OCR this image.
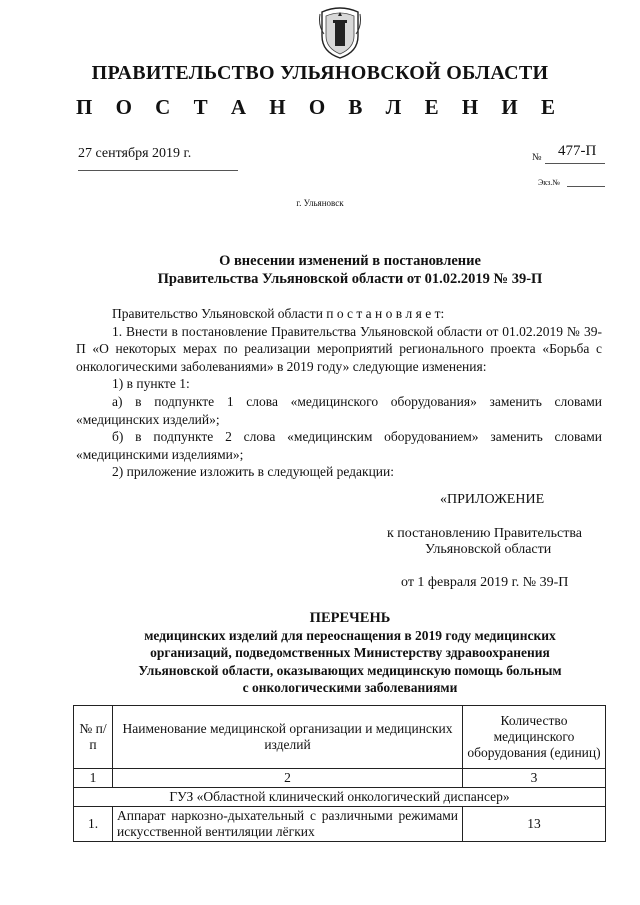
ПРАВИТЕЛЬСТВО УЛЬЯНОВСКОЙ ОБЛАСТИ
П О С Т А Н О В Л Е Н И Е
27 сентября 2019 г.	№ 477-П
Экз.№
г. Ульяновск
О внесении изменений в постановление
Правительства Ульяновской области от 01.02.2019 № 39-П

Правительство Ульяновской области п о с т а н о в л я е т:

1. Внести в постановление Правительства Ульяновской области от 01.02.2019 № 39-П «О некоторых мерах по реализации мероприятий регионального проекта «Борьба с онкологическими заболеваниями» в 2019 году» следующие изменения:

1) в пункте 1:

а) в подпункте 1 слова «медицинского оборудования» заменить словами «медицинских изделий»;

б) в подпункте 2 слова «медицинским оборудованием» заменить словами «медицинскими изделиями»;

2) приложение изложить в следующей редакции:

«ПРИЛОЖЕНИЕ
к постановлению Правительства
Ульяновской области
от 1 февраля 2019 г. № 39-П
ПЕРЕЧЕНЬ
медицинских изделий для переоснащения в 2019 году медицинских
организаций, подведомственных Министерству здравоохранения
Ульяновской области, оказывающих медицинскую помощь больным
с онкологическими заболеваниями
№ п/п	Наименование медицинской организации и медицинских изделий	Количество медицинского оборудования (единиц)
1	2	3
ГУЗ «Областной клинический онкологический диспансер»		
1.	Аппарат наркозно-дыхательный с различными режимами искусственной вентиляции лёгких	13
